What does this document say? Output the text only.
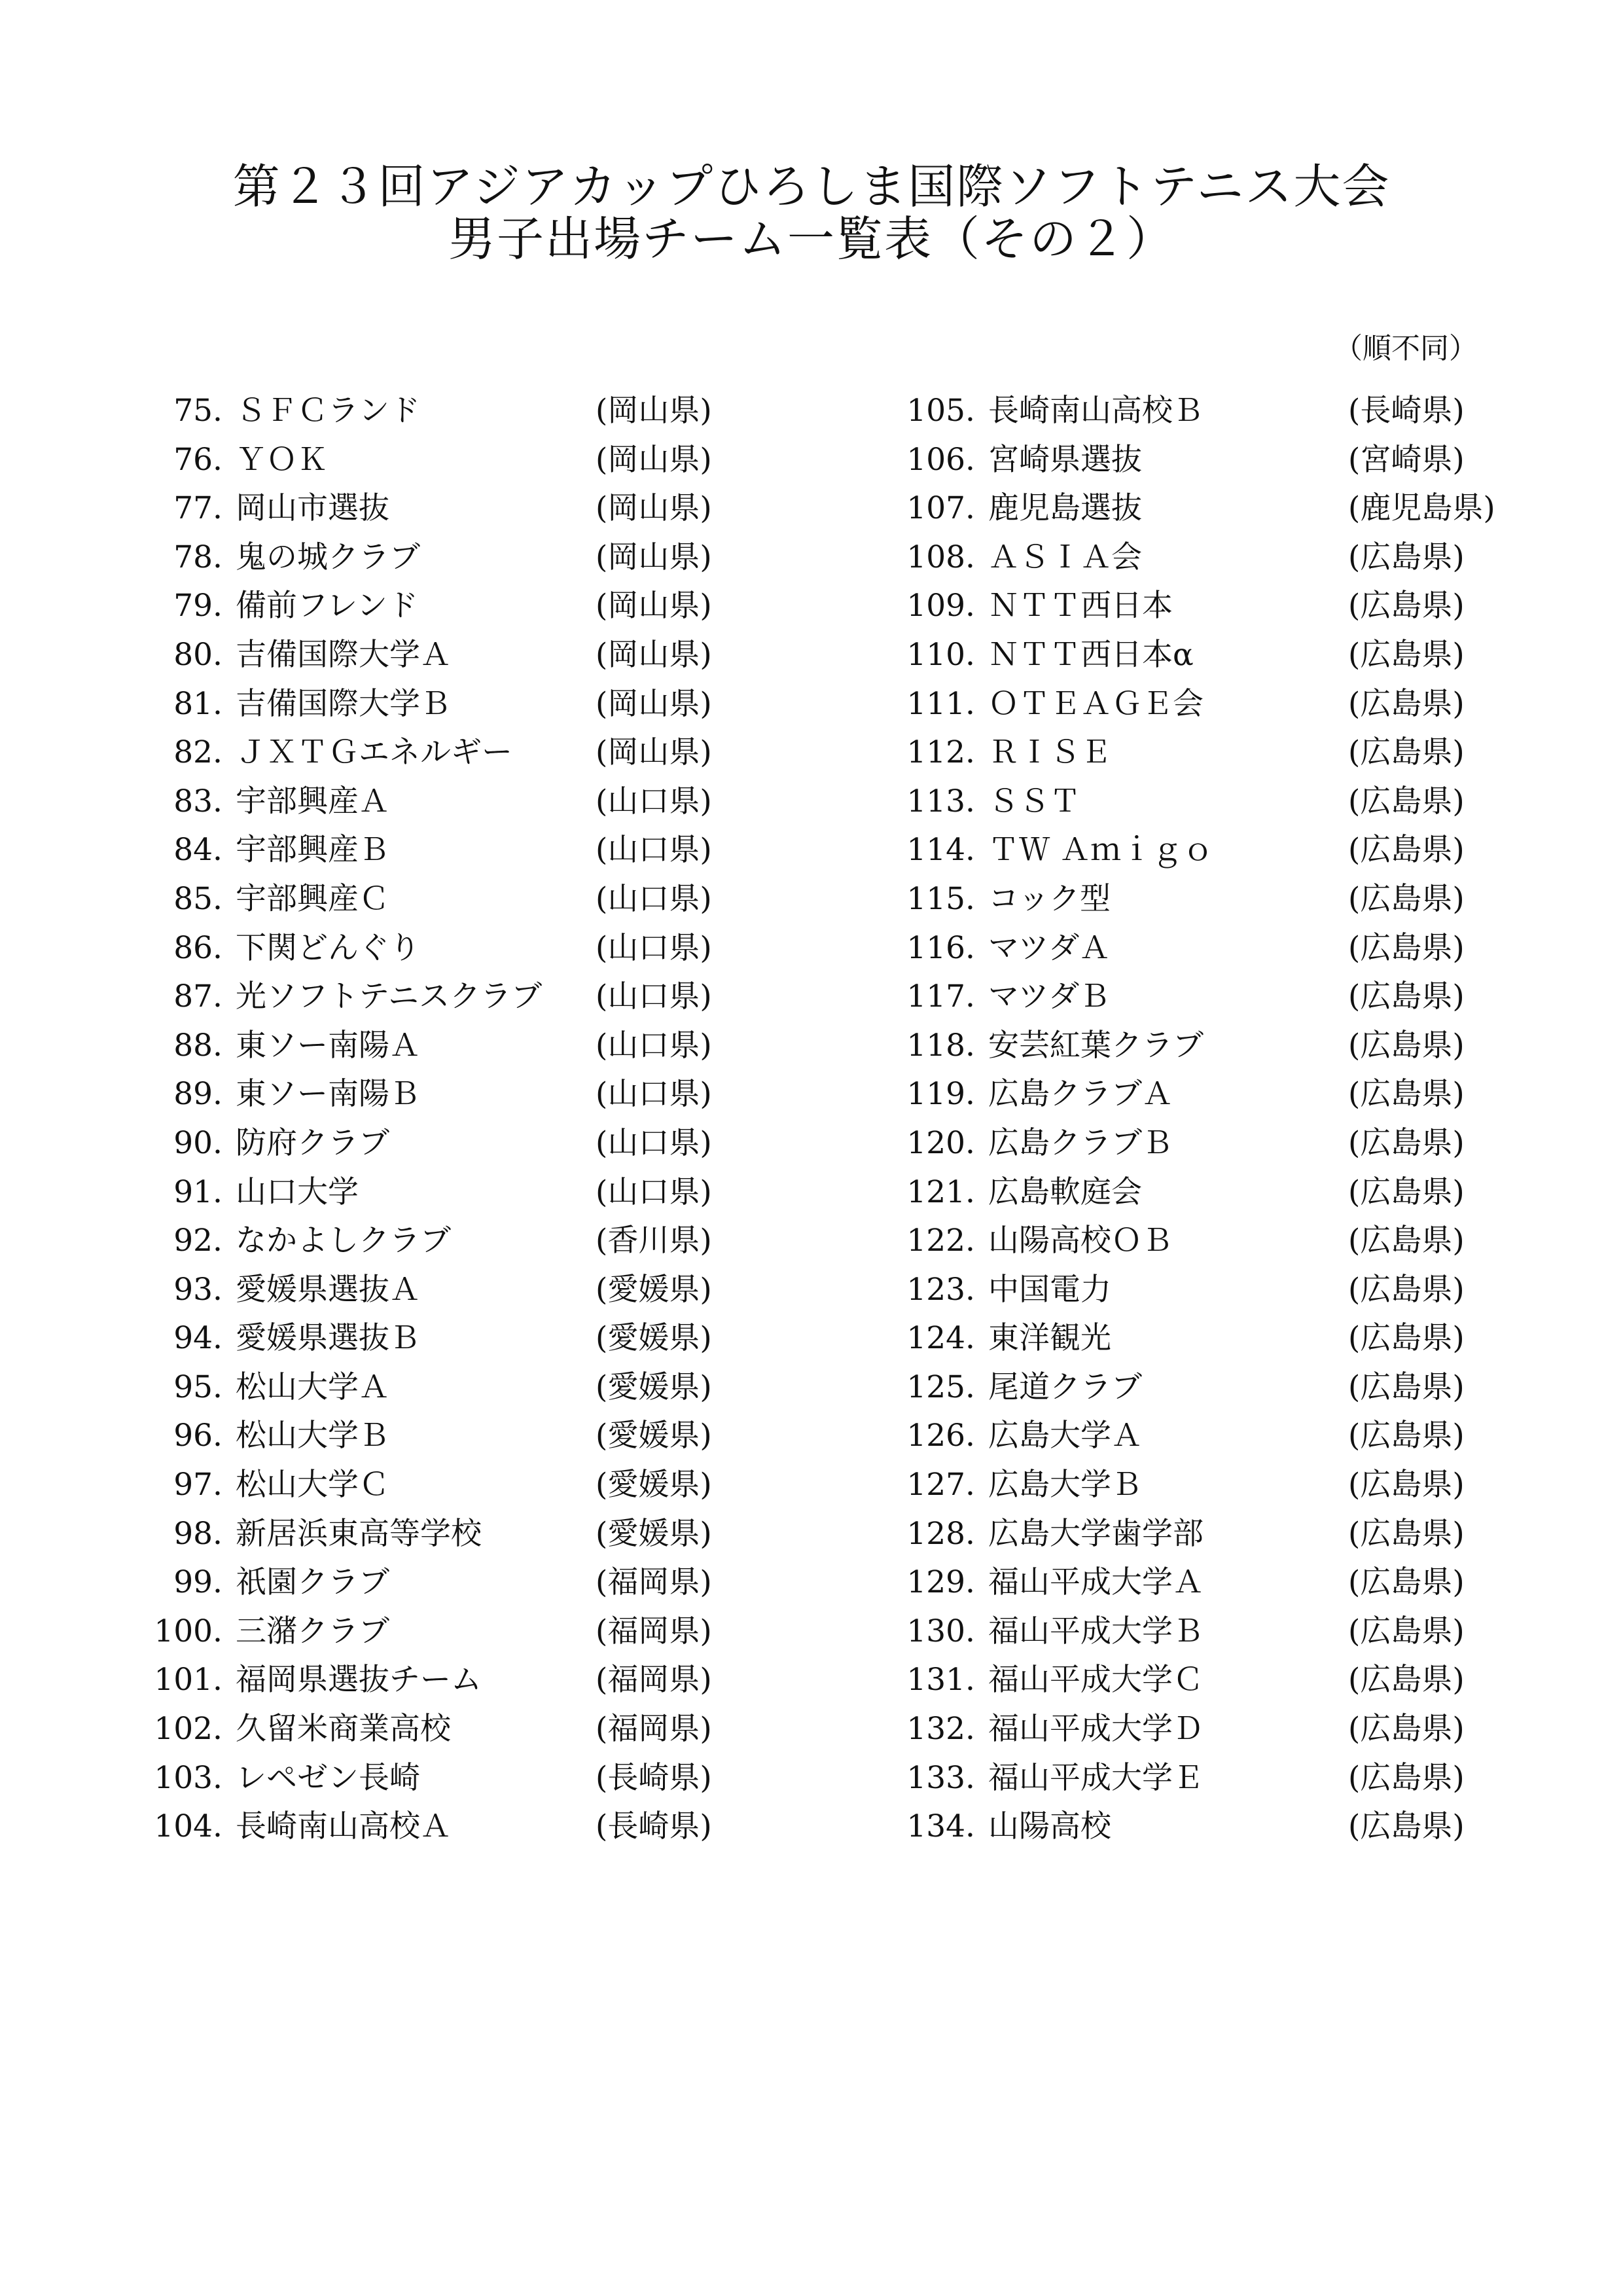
第２３回アジアカップひろしま国際ソフトテニス大会
男子出場チーム一覧表（その２）
（順不同）
75. ＳＦＣランド	(岡山県)
76. ＹＯＫ	(岡山県)
77. 岡山市選抜	(岡山県)
78. 鬼の城クラブ	(岡山県)
79. 備前フレンド	(岡山県)
80. 吉備国際大学Ａ	(岡山県)
81. 吉備国際大学Ｂ	(岡山県)
82. ＪＸＴＧエネルギー	(岡山県)
83. 宇部興産Ａ	(山口県)
84. 宇部興産Ｂ	(山口県)
85. 宇部興産Ｃ	(山口県)
86. 下関どんぐり	(山口県)
87. 光ソフトテニスクラブ (山口県)
88. 東ソー南陽Ａ	(山口県)
89. 東ソー南陽Ｂ	(山口県)
90. 防府クラブ	(山口県)
91. 山口大学	(山口県)
92. なかよしクラブ	(香川県)
93. 愛媛県選抜Ａ	(愛媛県)
94. 愛媛県選抜Ｂ	(愛媛県)
95. 松山大学Ａ	(愛媛県)
96. 松山大学Ｂ	(愛媛県)
97. 松山大学Ｃ	(愛媛県)
98. 新居浜東高等学校	(愛媛県)
99. 祇園クラブ	(福岡県)
100. 三潴クラブ	(福岡県)
101. 福岡県選抜チーム	(福岡県)
102. 久留米商業高校	(福岡県)
103. レペゼン長崎	(長崎県)
104. 長崎南山高校Ａ	(長崎県)
105. 長崎南山高校Ｂ	(長崎県)
106. 宮崎県選抜	(宮崎県)
107. 鹿児島選抜	(鹿児島県)
108. ＡＳＩＡ会	(広島県)
109. ＮＴＴ西日本	(広島県)
110. ＮＴＴ西日本α	(広島県)
111. ＯＴＥＡＧＥ会	(広島県)
112. ＲＩＳＥ	(広島県)
113. ＳＳＴ	(広島県)
114. ＴＷ Ａｍｉｇｏ	(広島県)
115. コック型	(広島県)
116. マツダＡ	(広島県)
117. マツダＢ	(広島県)
118. 安芸紅葉クラブ	(広島県)
119. 広島クラブＡ	(広島県)
120. 広島クラブＢ	(広島県)
121. 広島軟庭会	(広島県)
122. 山陽高校ＯＢ	(広島県)
123. 中国電力	(広島県)
124. 東洋観光	(広島県)
125. 尾道クラブ	(広島県)
126. 広島大学Ａ	(広島県)
127. 広島大学Ｂ	(広島県)
128. 広島大学歯学部	(広島県)
129. 福山平成大学Ａ	(広島県)
130. 福山平成大学Ｂ	(広島県)
131. 福山平成大学Ｃ	(広島県)
132. 福山平成大学Ｄ	(広島県)
133. 福山平成大学Ｅ	(広島県)
134. 山陽高校	(広島県)
